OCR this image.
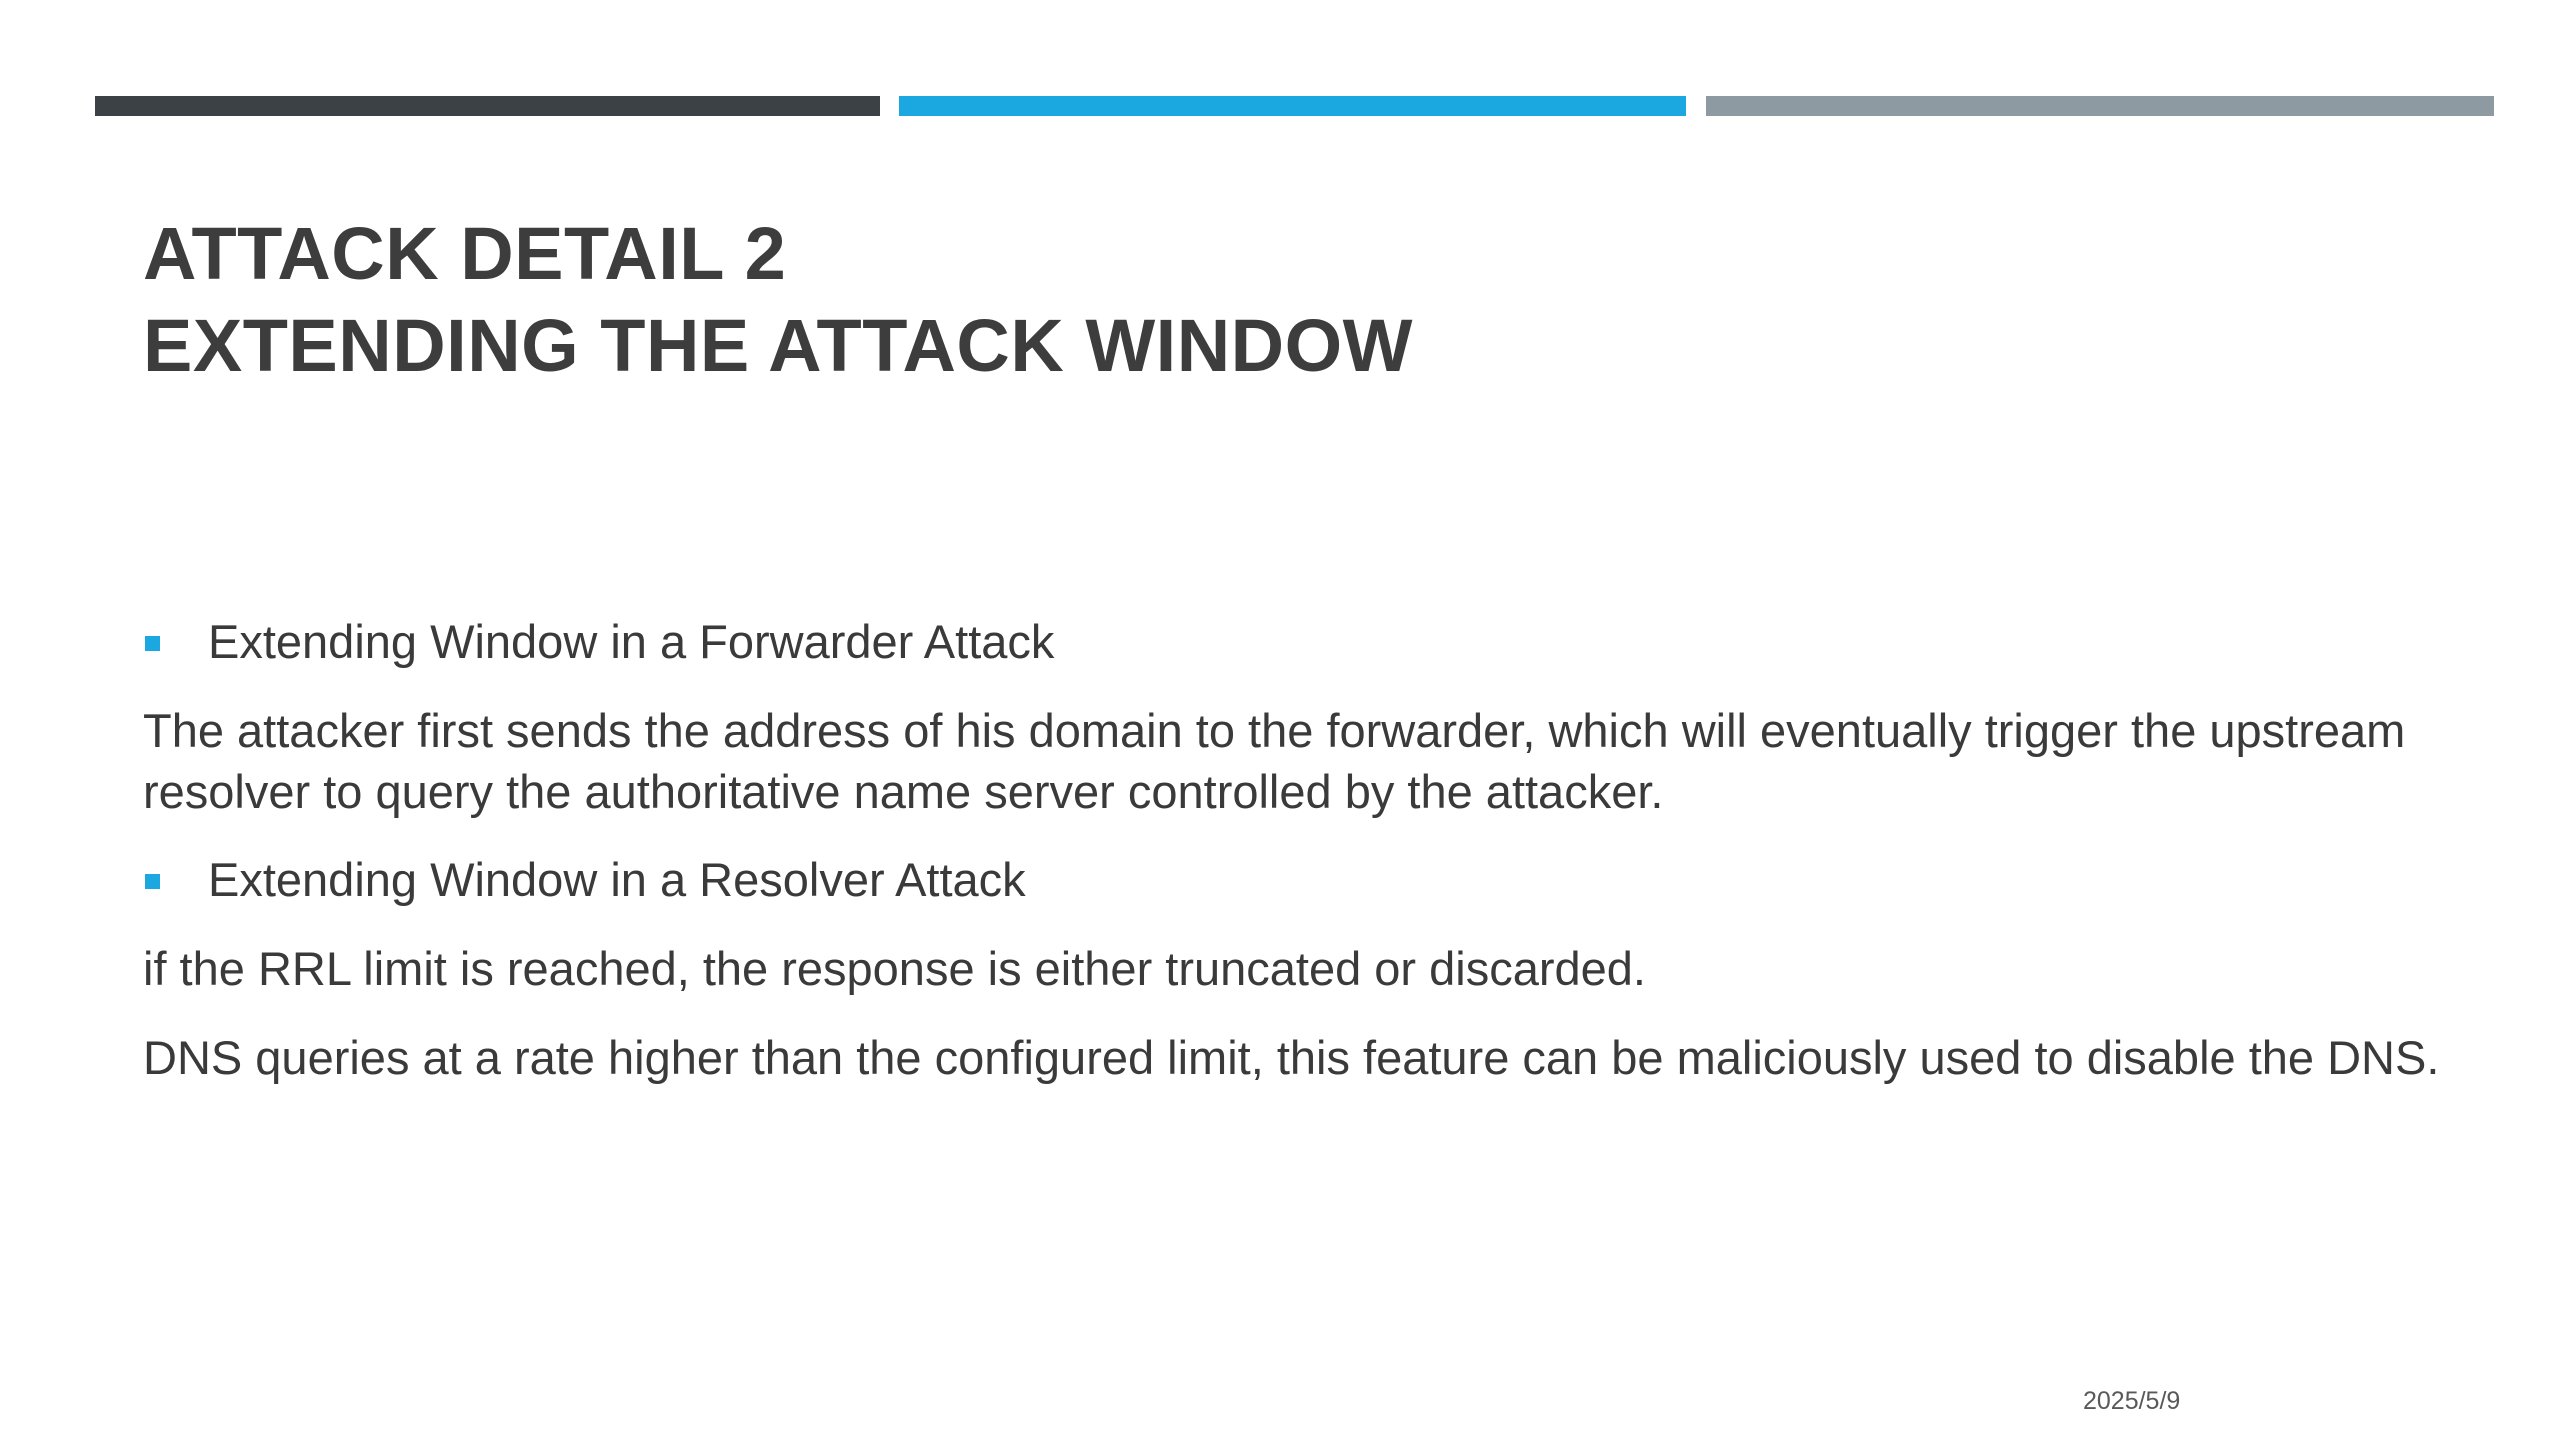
ATTACK DETAIL 2
EXTENDING THE ATTACK WINDOW
Extending Window in a Forwarder Attack

The attacker first sends the address of his domain to the forwarder, which will eventually trigger the upstream resolver to query the authoritative name server controlled by the attacker.

Extending Window in a Resolver Attack

if the RRL limit is reached, the response is either truncated or discarded.

DNS queries at a rate higher than the configured limit, this feature can be maliciously used to disable the DNS.

2025/5/9
